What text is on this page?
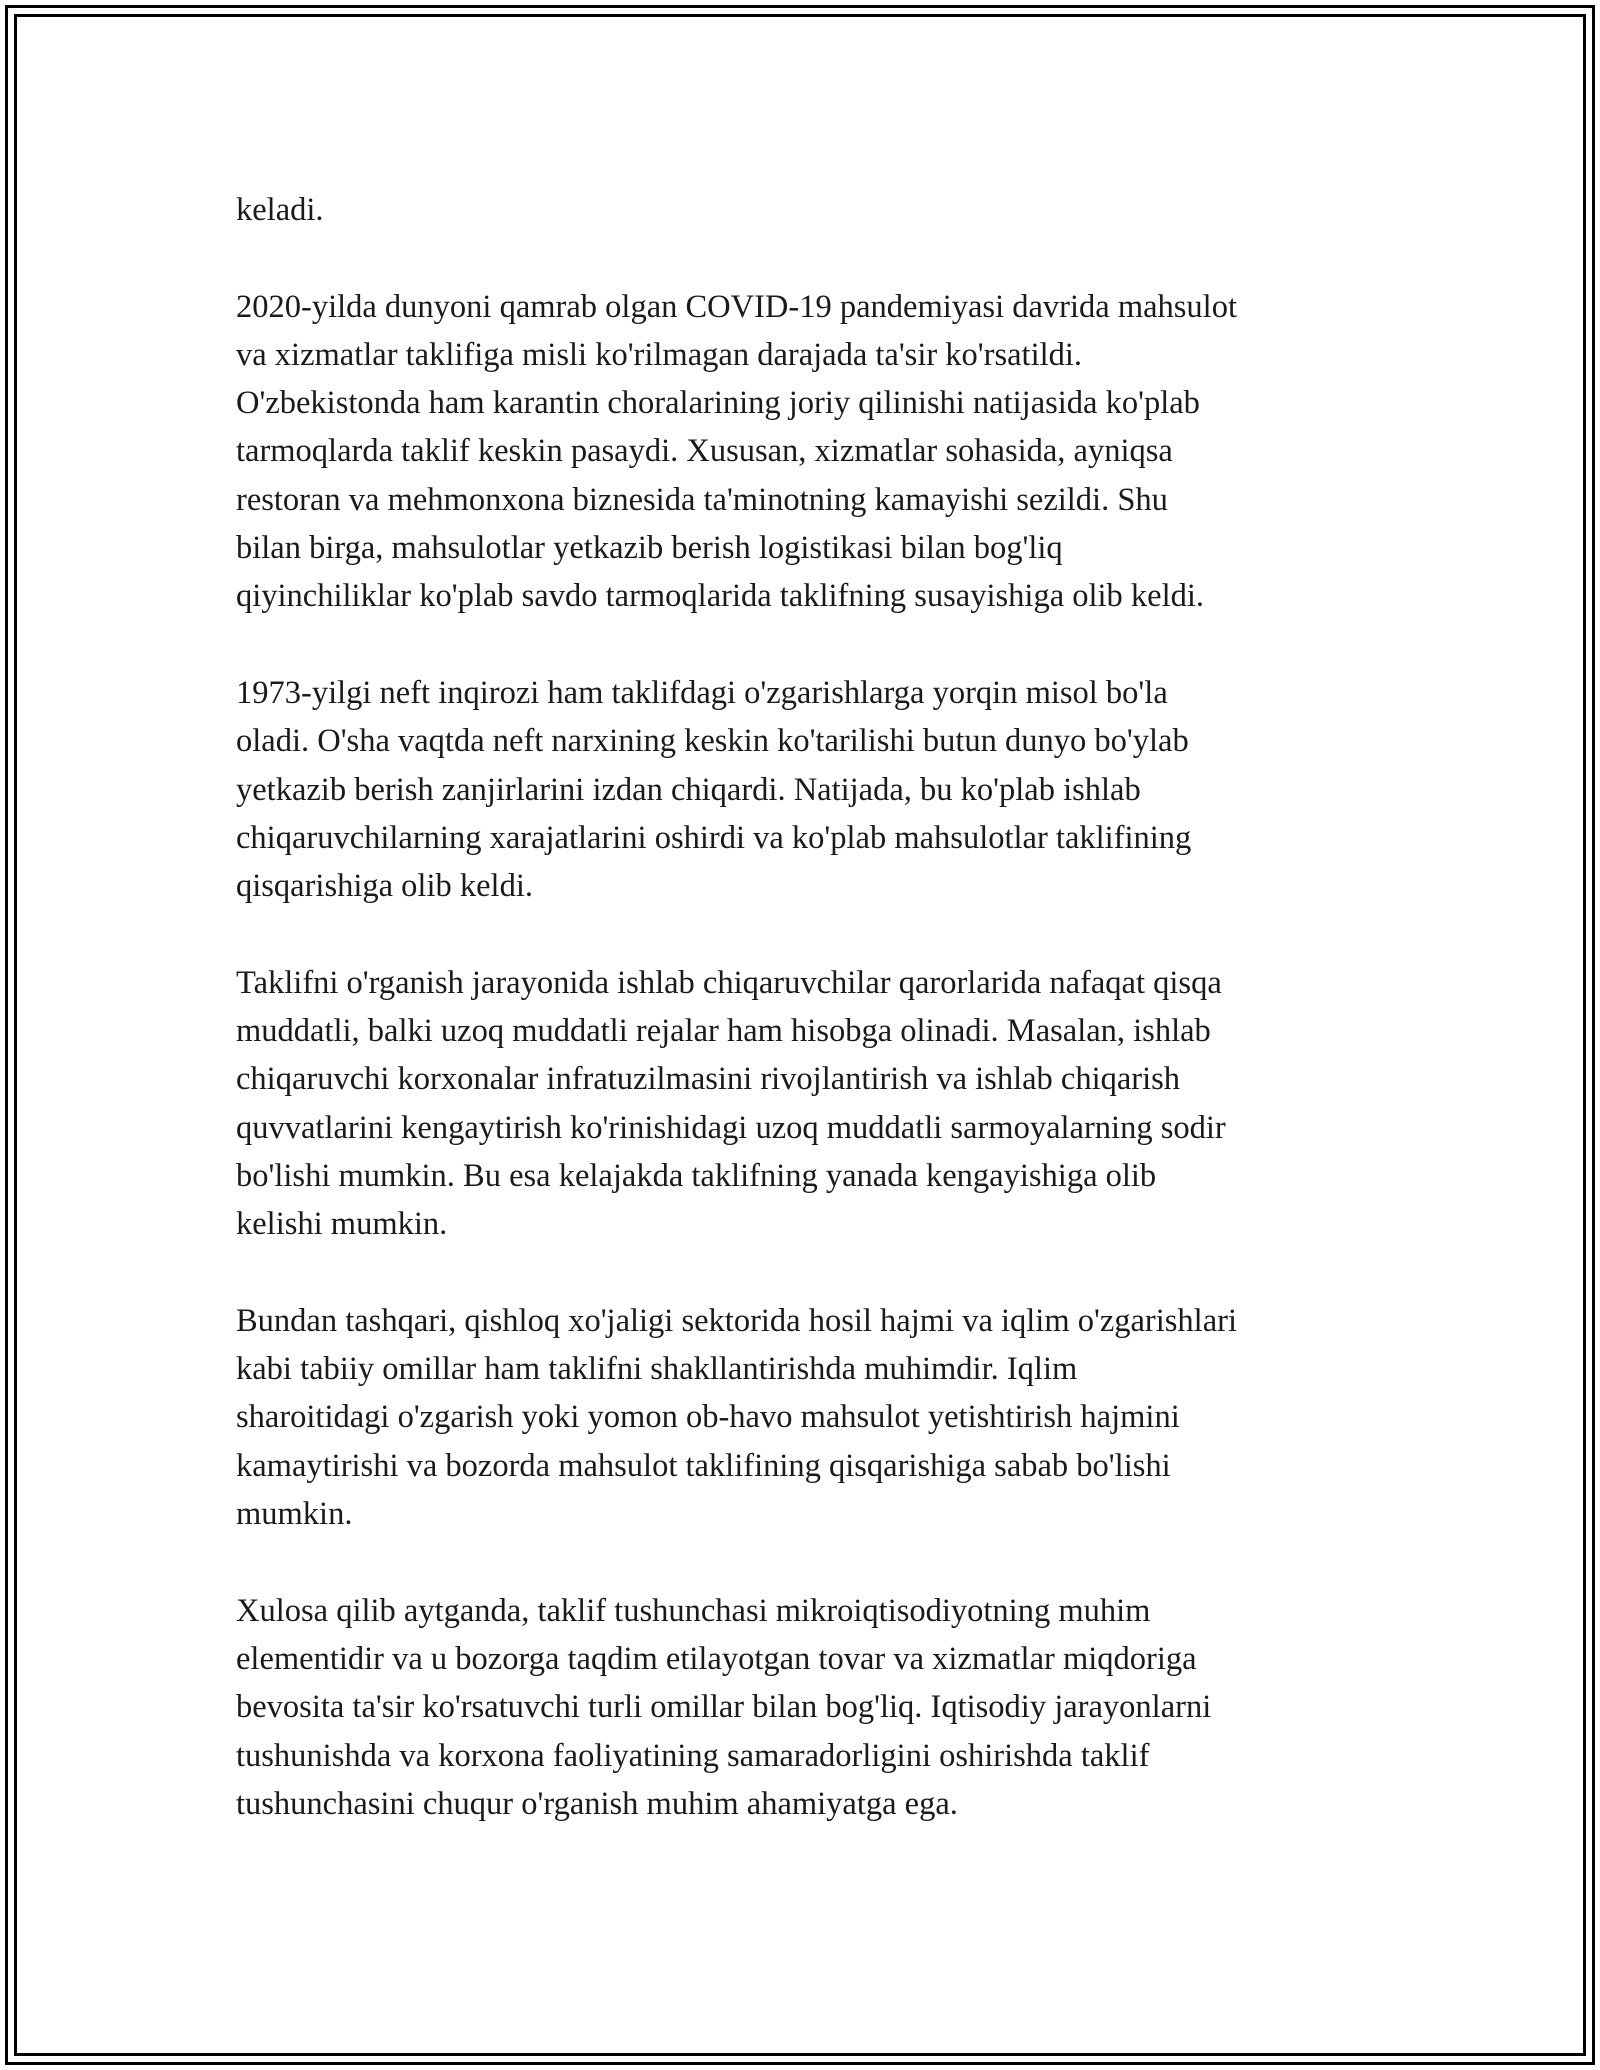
keladi.

2020-yilda dunyoni qamrab olgan COVID-19 pandemiyasi davrida mahsulot
va xizmatlar taklifiga misli ko'rilmagan darajada ta'sir ko'rsatildi.
O'zbekistonda ham karantin choralarining joriy qilinishi natijasida ko'plab
tarmoqlarda taklif keskin pasaydi. Xususan, xizmatlar sohasida, ayniqsa
restoran va mehmonxona biznesida ta'minotning kamayishi sezildi. Shu
bilan birga, mahsulotlar yetkazib berish logistikasi bilan bog'liq
qiyinchiliklar ko'plab savdo tarmoqlarida taklifning susayishiga olib keldi.

1973-yilgi neft inqirozi ham taklifdagi o'zgarishlarga yorqin misol bo'la
oladi. O'sha vaqtda neft narxining keskin ko'tarilishi butun dunyo bo'ylab
yetkazib berish zanjirlarini izdan chiqardi. Natijada, bu ko'plab ishlab
chiqaruvchilarning xarajatlarini oshirdi va ko'plab mahsulotlar taklifining
qisqarishiga olib keldi.

Taklifni o'rganish jarayonida ishlab chiqaruvchilar qarorlarida nafaqat qisqa
muddatli, balki uzoq muddatli rejalar ham hisobga olinadi. Masalan, ishlab
chiqaruvchi korxonalar infratuzilmasini rivojlantirish va ishlab chiqarish
quvvatlarini kengaytirish ko'rinishidagi uzoq muddatli sarmoyalarning sodir
bo'lishi mumkin. Bu esa kelajakda taklifning yanada kengayishiga olib
kelishi mumkin.

Bundan tashqari, qishloq xo'jaligi sektorida hosil hajmi va iqlim o'zgarishlari
kabi tabiiy omillar ham taklifni shakllantirishda muhimdir. Iqlim
sharoitidagi o'zgarish yoki yomon ob-havo mahsulot yetishtirish hajmini
kamaytirishi va bozorda mahsulot taklifining qisqarishiga sabab bo'lishi
mumkin.

Xulosa qilib aytganda, taklif tushunchasi mikroiqtisodiyotning muhim
elementidir va u bozorga taqdim etilayotgan tovar va xizmatlar miqdoriga
bevosita ta'sir ko'rsatuvchi turli omillar bilan bog'liq. Iqtisodiy jarayonlarni
tushunishda va korxona faoliyatining samaradorligini oshirishda taklif
tushunchasini chuqur o'rganish muhim ahamiyatga ega.
